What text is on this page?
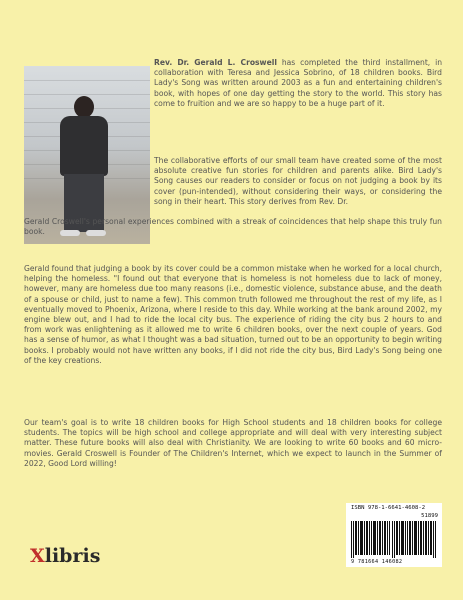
Rev. Dr. Gerald L. Croswell has completed the third installment, in collaboration with Teresa and Jessica Sobrino, of 18 children books. Bird Lady's Song was written around 2003 as a fun and entertaining children's book, with hopes of one day getting the story to the world. This story has come to fruition and we are so happy to be a huge part of it.

The collaborative efforts of our small team have created some of the most absolute creative fun stories for children and parents alike. Bird Lady's Song causes our readers to consider or focus on not judging a book by its cover (pun-intended), without considering their ways, or considering the song in their heart. This story derives from Rev. Dr.

Gerald Croswell's personal experiences combined with a streak of coincidences that help shape this truly fun book.

Gerald found that judging a book by its cover could be a common mistake when he worked for a local church, helping the homeless. "I found out that everyone that is homeless is not homeless due to lack of money, however, many are homeless due too many reasons (i.e., domestic violence, substance abuse, and the death of a spouse or child, just to name a few). This common truth followed me throughout the rest of my life, as I eventually moved to Phoenix, Arizona, where I reside to this day. While working at the bank around 2002, my engine blew out, and I had to ride the local city bus. The experience of riding the city bus 2 hours to and from work was enlightening as it allowed me to write 6 children books, over the next couple of years. God has a sense of humor, as what I thought was a bad situation, turned out to be an opportunity to begin writing books. I probably would not have written any books, if I did not ride the city bus, Bird Lady's Song being one of the key creations.

Our team's goal is to write 18 children books for High School students and 18 children books for college students. The topics will be high school and college appropriate and will deal with very interesting subject matter. These future books will also deal with Christianity. We are looking to write 60 books and 60 micro-movies. Gerald Croswell is Founder of The Children's Internet, which we expect to launch in the Summer of 2022, Good Lord willing!

ISBN 978-1-6641-4608-2
51899
9 781664 146082
Xlibris
